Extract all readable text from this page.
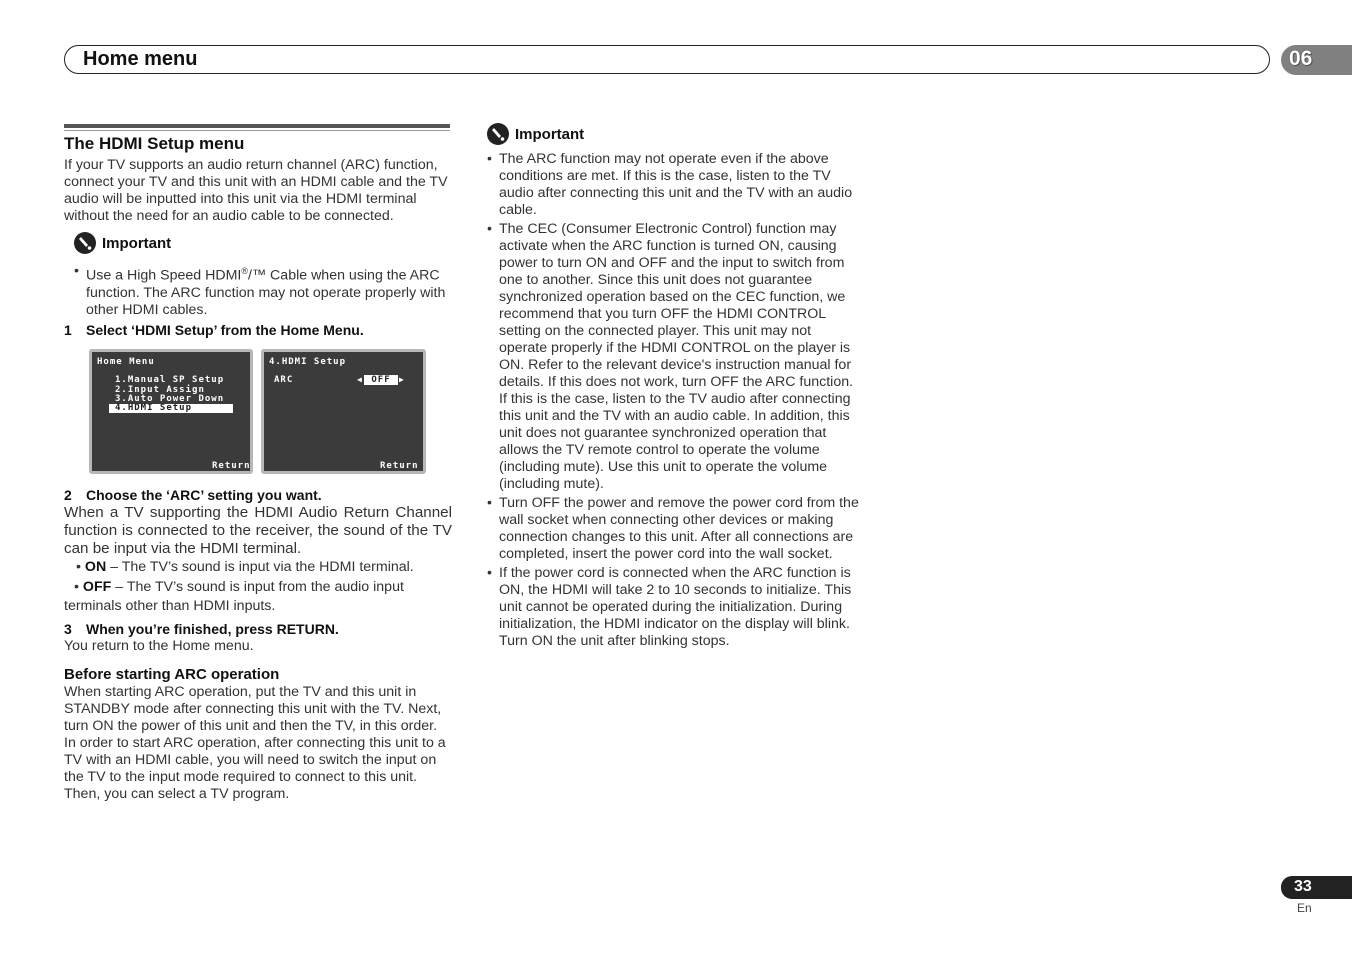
Home menu	06

The HDMI Setup menu

If your TV supports an audio return channel (ARC) function, connect your TV and this unit with an HDMI cable and the TV audio will be inputted into this unit via the HDMI terminal without the need for an audio cable to be connected.

Important

• Use a High Speed HDMI®/™ Cable when using the ARC function. The ARC function may not operate properly with other HDMI cables.

1 Select ‘HDMI Setup’ from the Home Menu.

Home Menu
1.Manual SP Setup
2.Input Assign
3.Auto Power Down
4.HDMI Setup
Return
4.HDMI Setup
ARC	◀ OFF	▶
Return

2 Choose the ‘ARC’ setting you want.

When a TV supporting the HDMI Audio Return Channel function is connected to the receiver, the sound of the TV can be input via the HDMI terminal.

• ON – The TV’s sound is input via the HDMI terminal.

• OFF – The TV’s sound is input from the audio input

terminals other than HDMI inputs.

3 When you’re finished, press RETURN.

You return to the Home menu.

Before starting ARC operation

When starting ARC operation, put the TV and this unit in STANDBY mode after connecting this unit with the TV. Next, turn ON the power of this unit and then the TV, in this order. In order to start ARC operation, after connecting this unit to a TV with an HDMI cable, you will need to switch the input on the TV to the input mode required to connect to this unit. Then, you can select a TV program.

Important

• The ARC function may not operate even if the above conditions are met. If this is the case, listen to the TV audio after connecting this unit and the TV with an audio cable.

• The CEC (Consumer Electronic Control) function may activate when the ARC function is turned ON, causing power to turn ON and OFF and the input to switch from one to another. Since this unit does not guarantee synchronized operation based on the CEC function, we recommend that you turn OFF the HDMI CONTROL setting on the connected player. This unit may not operate properly if the HDMI CONTROL on the player is ON. Refer to the relevant device's instruction manual for details. If this does not work, turn OFF the ARC function. If this is the case, listen to the TV audio after connecting this unit and the TV with an audio cable. In addition, this unit does not guarantee synchronized operation that allows the TV remote control to operate the volume (including mute). Use this unit to operate the volume (including mute).

• Turn OFF the power and remove the power cord from the wall socket when connecting other devices or making connection changes to this unit. After all connections are completed, insert the power cord into the wall socket.

• If the power cord is connected when the ARC function is ON, the HDMI will take 2 to 10 seconds to initialize. This unit cannot be operated during the initialization. During initialization, the HDMI indicator on the display will blink. Turn ON the unit after blinking stops.

33
En
